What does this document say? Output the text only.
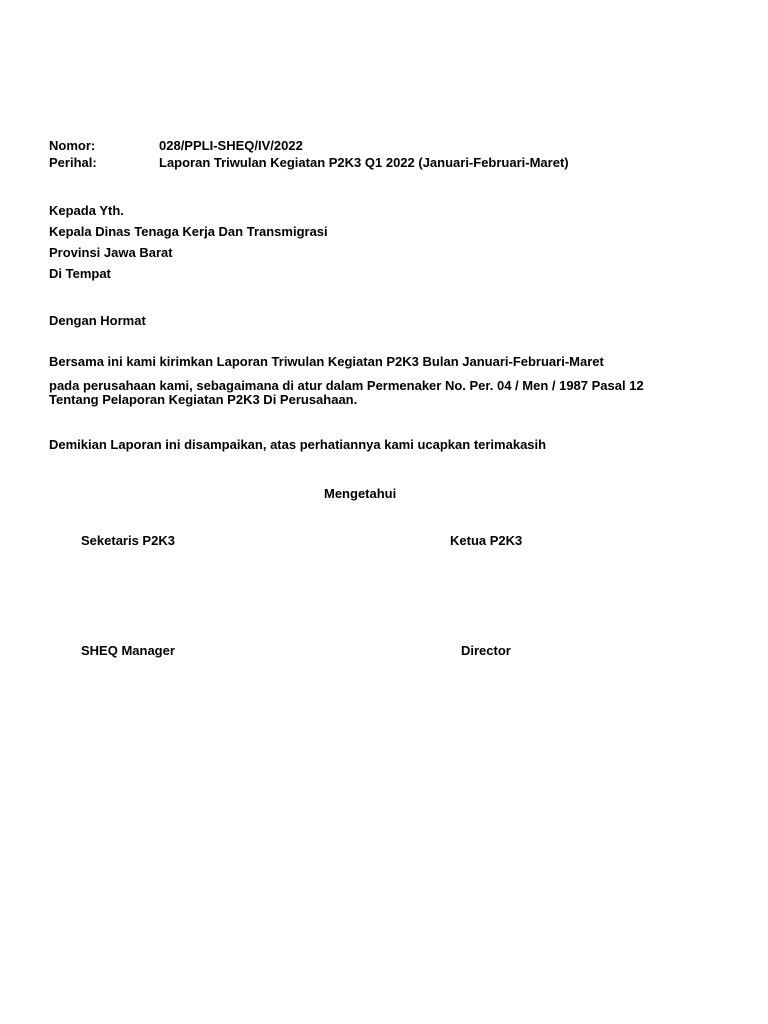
Nomor:	028/PPLI-SHEQ/IV/2022
Perihal:	Laporan Triwulan Kegiatan P2K3 Q1 2022 (Januari-Februari-Maret)
Kepada Yth.
Kepala Dinas Tenaga Kerja Dan Transmigrasi
Provinsi Jawa Barat
Di Tempat
Dengan Hormat
Bersama ini kami kirimkan Laporan Triwulan Kegiatan P2K3 Bulan Januari-Februari-Maret
pada perusahaan kami, sebagaimana di atur dalam Permenaker No. Per. 04 / Men / 1987 Pasal 12 Tentang Pelaporan Kegiatan P2K3 Di Perusahaan.
Demikian Laporan ini disampaikan, atas perhatiannya kami ucapkan terimakasih
Mengetahui
Seketaris P2K3	Ketua P2K3
SHEQ Manager	Director
